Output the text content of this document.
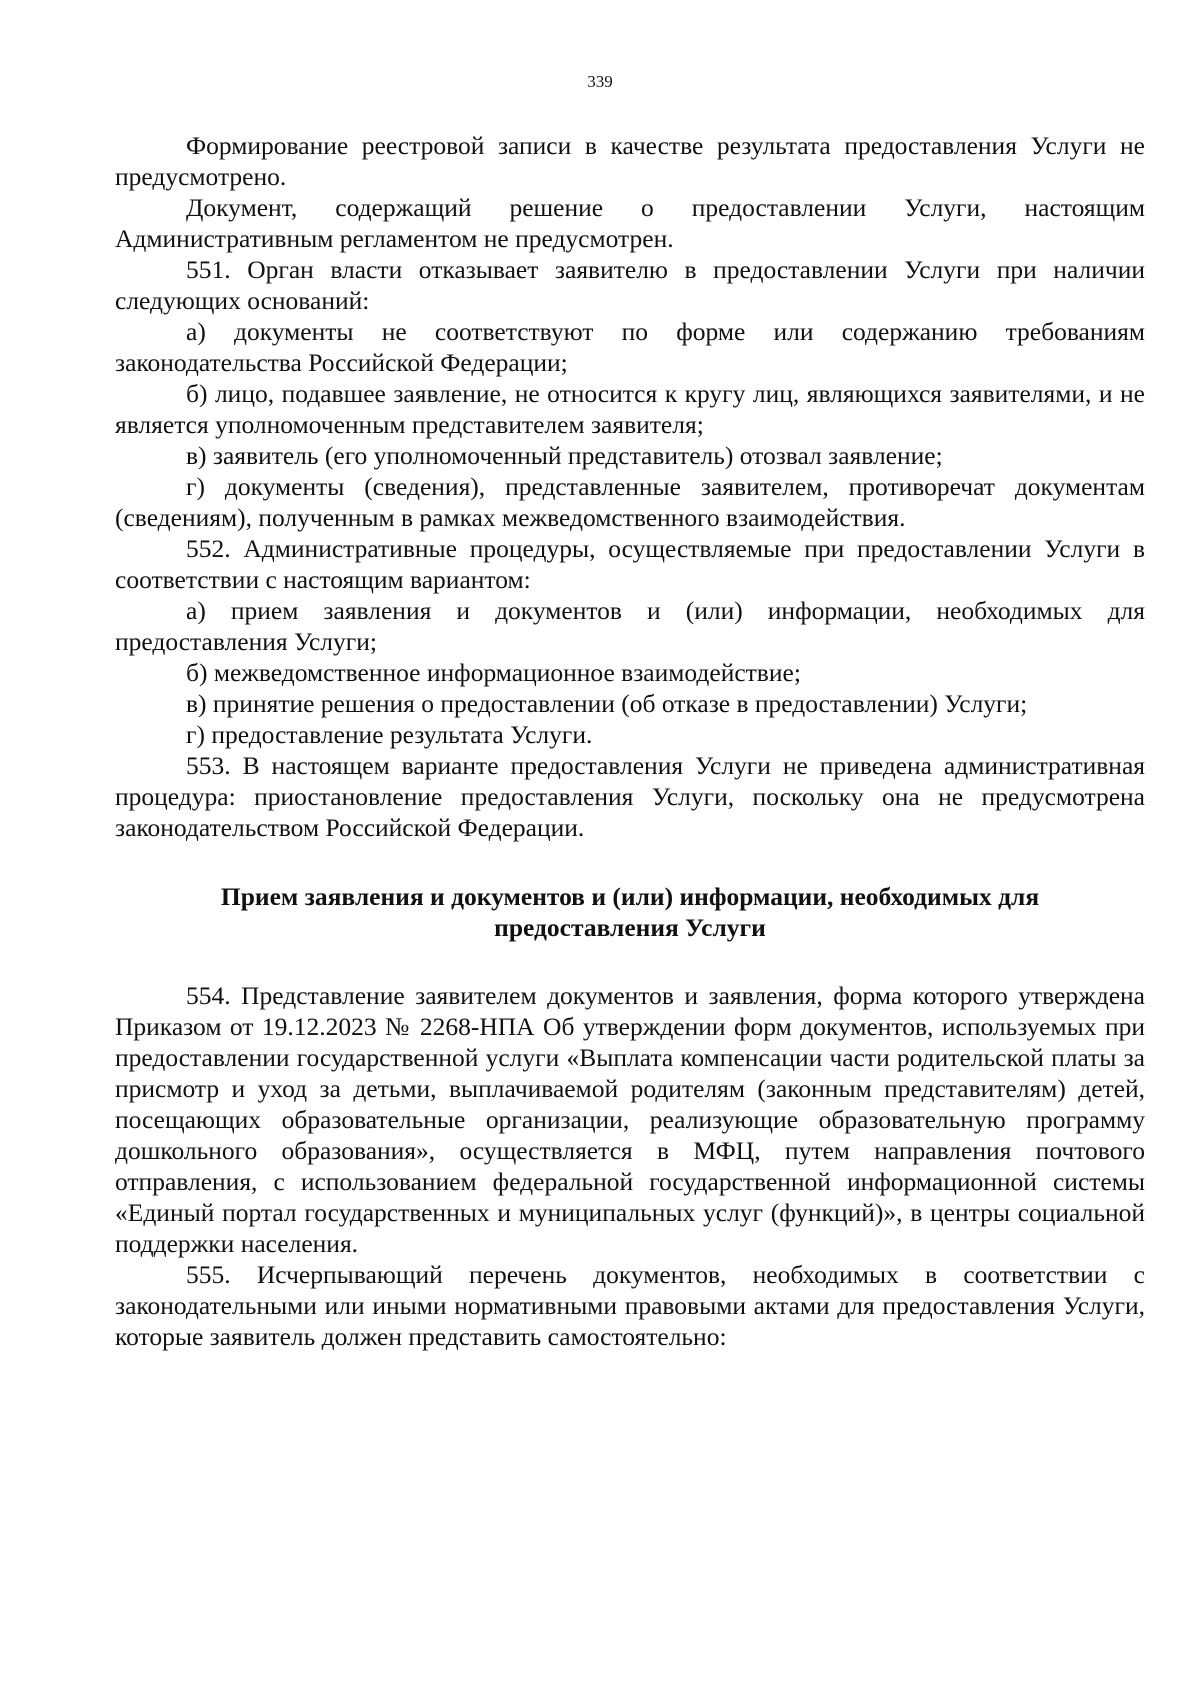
339

Формирование реестровой записи в качестве результата предоставления Услуги не предусмотрено.

Документ, содержащий решение о предоставлении Услуги, настоящим Административным регламентом не предусмотрен.

551. Орган власти отказывает заявителю в предоставлении Услуги при наличии следующих оснований:

а) документы не соответствуют по форме или содержанию требованиям законодательства Российской Федерации;

б) лицо, подавшее заявление, не относится к кругу лиц, являющихся заявителями, и не является уполномоченным представителем заявителя;

в) заявитель (его уполномоченный представитель) отозвал заявление;

г) документы (сведения), представленные заявителем, противоречат документам (сведениям), полученным в рамках межведомственного взаимодействия.

552. Административные процедуры, осуществляемые при предоставлении Услуги в соответствии с настоящим вариантом:

а) прием заявления и документов и (или) информации, необходимых для предоставления Услуги;

б) межведомственное информационное взаимодействие;

в) принятие решения о предоставлении (об отказе в предоставлении) Услуги;

г) предоставление результата Услуги.

553. В настоящем варианте предоставления Услуги не приведена административная процедура: приостановление предоставления Услуги, поскольку она не предусмотрена законодательством Российской Федерации.

Прием заявления и документов и (или) информации, необходимых для
предоставления Услуги

554. Представление заявителем документов и заявления, форма которого утверждена Приказом от 19.12.2023 № 2268-НПА Об утверждении форм документов, используемых при предоставлении государственной услуги «Выплата компенсации части родительской платы за присмотр и уход за детьми, выплачиваемой родителям (законным представителям) детей, посещающих образовательные организации, реализующие образовательную программу дошкольного образования», осуществляется в МФЦ, путем направления почтового отправления, с использованием федеральной государственной информационной системы «Единый портал государственных и муниципальных услуг (функций)», в центры социальной поддержки населения.

555. Исчерпывающий перечень документов, необходимых в соответствии с законодательными или иными нормативными правовыми актами для предоставления Услуги, которые заявитель должен представить самостоятельно:
